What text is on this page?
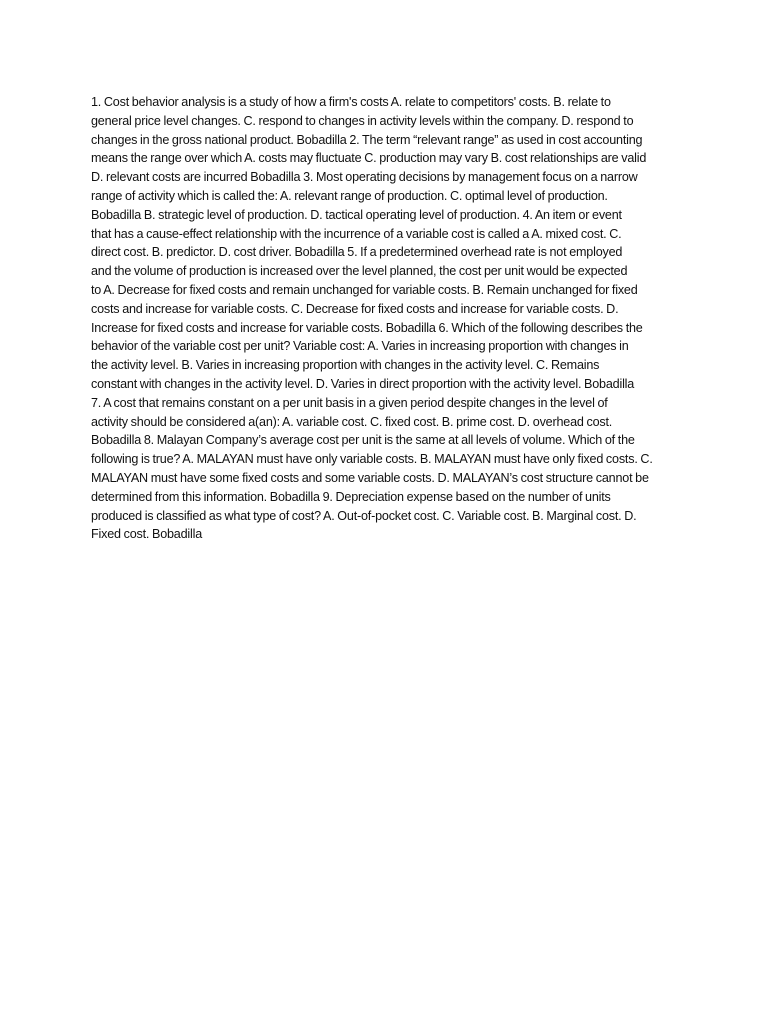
1. Cost behavior analysis is a study of how a firm's costs A. relate to competitors' costs. B. relate to
general price level changes. C. respond to changes in activity levels within the company. D. respond to
changes in the gross national product. Bobadilla 2. The term “relevant range” as used in cost accounting
means the range over which A. costs may fluctuate C. production may vary B. cost relationships are valid
D. relevant costs are incurred Bobadilla 3. Most operating decisions by management focus on a narrow
range of activity which is called the: A. relevant range of production. C. optimal level of production.
Bobadilla B. strategic level of production. D. tactical operating level of production. 4. An item or event
that has a cause-effect relationship with the incurrence of a variable cost is called a A. mixed cost. C.
direct cost. B. predictor. D. cost driver. Bobadilla 5. If a predetermined overhead rate is not employed
and the volume of production is increased over the level planned, the cost per unit would be expected
to A. Decrease for fixed costs and remain unchanged for variable costs. B. Remain unchanged for fixed
costs and increase for variable costs. C. Decrease for fixed costs and increase for variable costs. D.
Increase for fixed costs and increase for variable costs. Bobadilla 6. Which of the following describes the
behavior of the variable cost per unit? Variable cost: A. Varies in increasing proportion with changes in
the activity level. B. Varies in increasing proportion with changes in the activity level. C. Remains
constant with changes in the activity level. D. Varies in direct proportion with the activity level. Bobadilla
7. A cost that remains constant on a per unit basis in a given period despite changes in the level of
activity should be considered a(an): A. variable cost. C. fixed cost. B. prime cost. D. overhead cost.
Bobadilla 8. Malayan Company’s average cost per unit is the same at all levels of volume. Which of the
following is true? A. MALAYAN must have only variable costs. B. MALAYAN must have only fixed costs. C.
MALAYAN must have some fixed costs and some variable costs. D. MALAYAN’s cost structure cannot be
determined from this information. Bobadilla 9. Depreciation expense based on the number of units
produced is classified as what type of cost? A. Out-of-pocket cost. C. Variable cost. B. Marginal cost. D.
Fixed cost. Bobadilla
